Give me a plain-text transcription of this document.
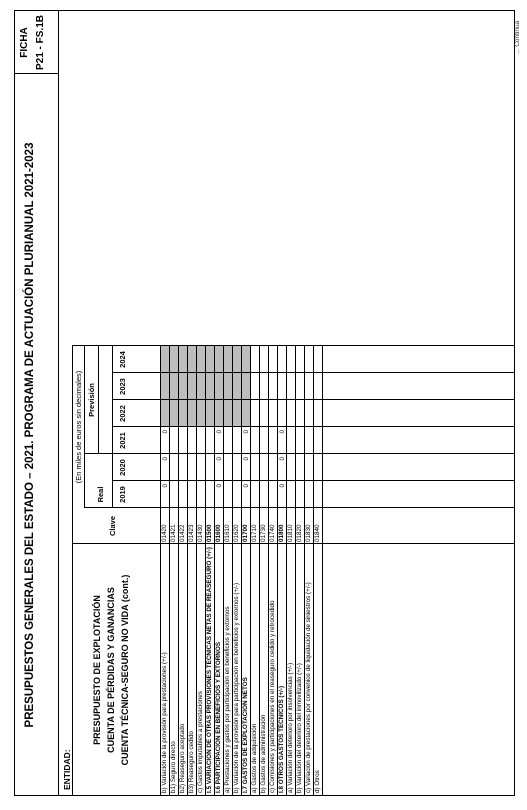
PRESUPUESTOS GENERALES DEL ESTADO – 2021. PROGRAMA DE ACTUACIÓN PLURIANUAL 2021-2023
FICHA P21 - FS.1B
ENTIDAD:
PRESUPUESTO DE EXPLOTACIÓN CUENTA DE PÉRDIDAS Y GANANCIAS CUENTA TÉCNICA-SEGURO NO VIDA (cont.)
Clave
(En miles de euros sin decimales)
Real
Previsión
2019
2020
2021
2022
2023
2024
b) Variación de la provisión para prestaciones (+/-)
01420
0
0
0
b1) Seguro directo
01421
b2) Reaseguro aceptado
01422
b3) Reaseguro cedido
01423
c) Gastos imputables a prestaciones
01430
I.5 VARIACIÓN DE OTRAS PROVISIONES TÉCNICAS NETAS DE REASEGURO (+/-)
01500
I.6 PARTICIPACIÓN EN BENEFICIOS Y EXTORNOS
01600
0
0
0
a) Prestaciones y gastos por participación en beneficios y extornos
01610
b) Variación de la provisión para participación en beneficios y extornos (+/-)
01620
I.7 GASTOS DE EXPLOTACIÓN NETOS
01700
0
0
0
a) Gastos de adquisición
01710
b) Gastos de administración
01730
c) Comisiones y participaciones en el reaseguro cedido y retrocedido
01740
I.8 OTROS GASTOS TÉCNICOS (+/-)
01800
0
0
0
a) Variación del deterioro por insolvencias (+/-)
01810
b) Variación del deterioro del inmovilizado (+/-)
01820
c) Variación de prestaciones por convenios de liquidación de siniestros (+/-)
01830
d) Otros
01840
... Continúa
